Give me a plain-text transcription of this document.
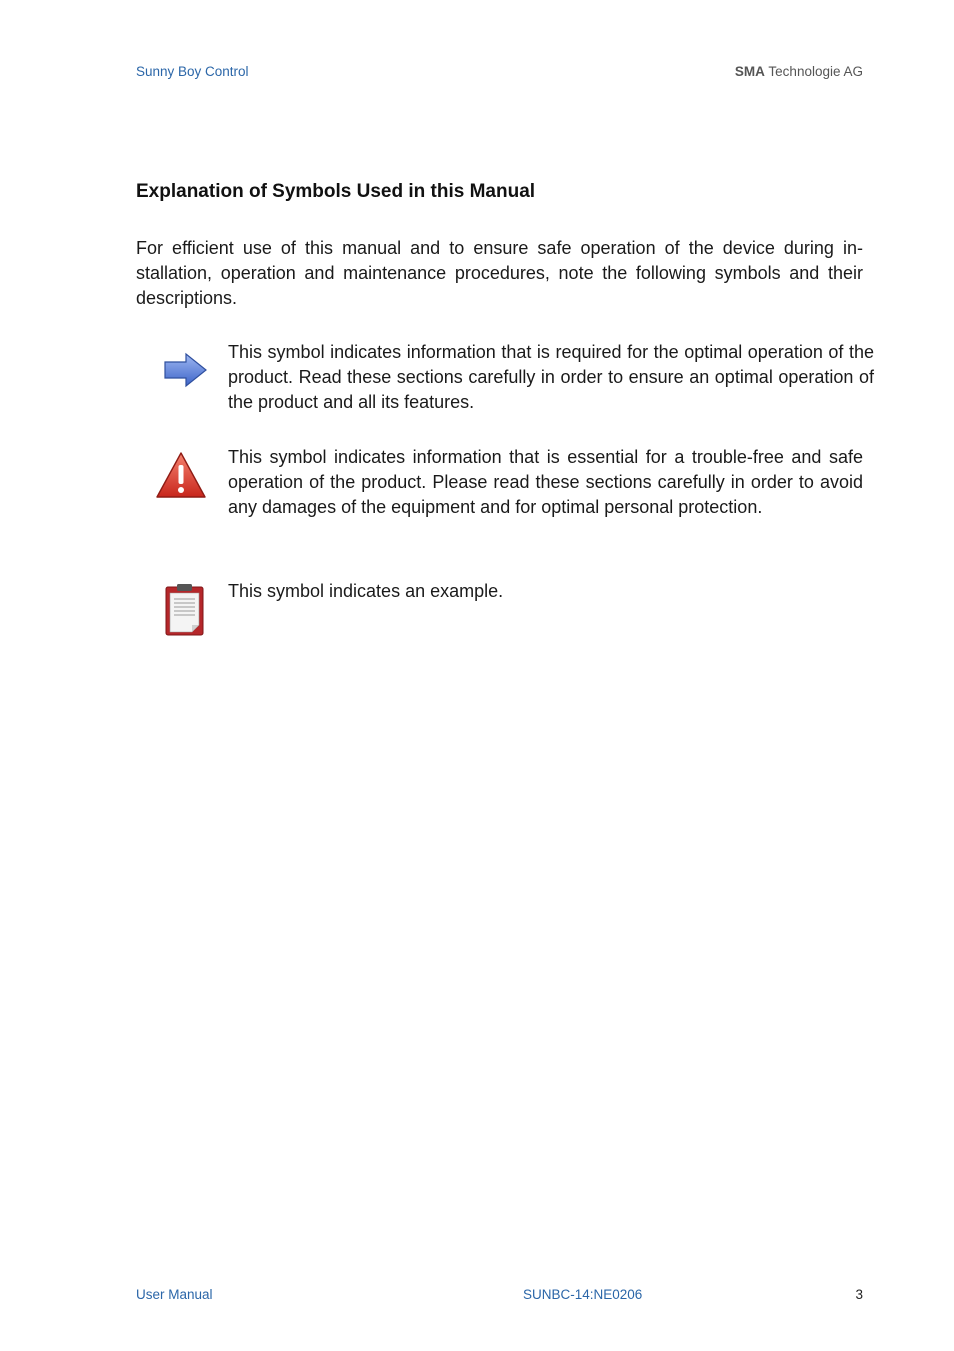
Sunny Boy Control	SMA Technologie AG
Explanation of Symbols Used in this Manual
For efficient use of this manual and to ensure safe operation of the device during installation, operation and maintenance procedures, note the following symbols and their descriptions.
This symbol indicates information that is required for the optimal operation of the product. Read these sections carefully in order to ensure an optimal operation of the product and all its features.
This symbol indicates information that is essential for a trouble-free and safe operation of the product. Please read these sections carefully in order to avoid any damages of the equipment and for optimal personal protection.
This symbol indicates an example.
User Manual	SUNBC-14:NE0206	3
